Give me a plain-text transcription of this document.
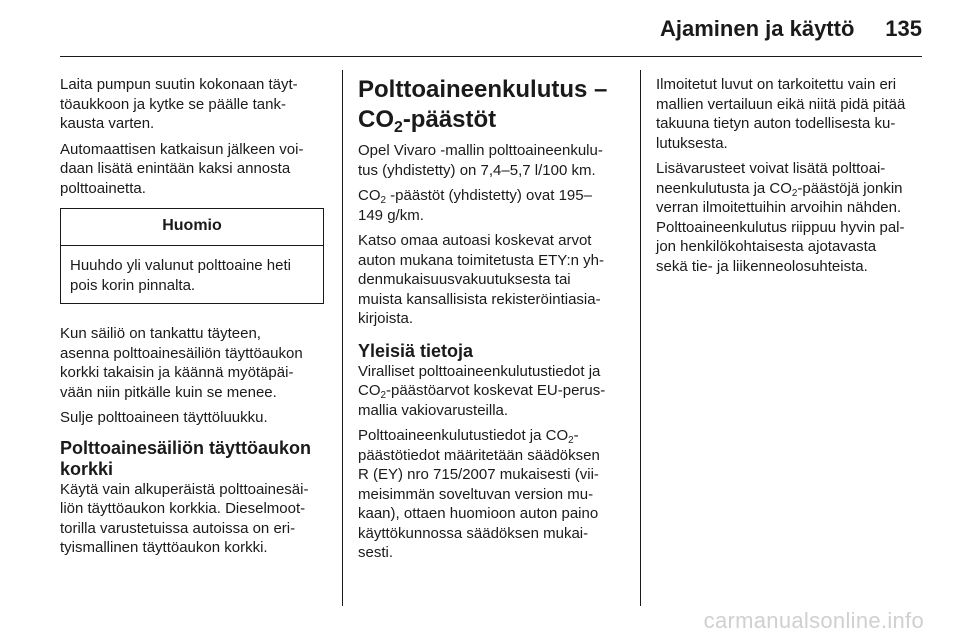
Ajaminen ja käyttö	135

Laita pumpun suutin kokonaan täyt-
töaukkoon ja kytke se päälle tank-
kausta varten.

Automaattisen katkaisun jälkeen voi-
daan lisätä enintään kaksi annosta
polttoainetta.

Huomio
Huuhdo yli valunut polttoaine heti
pois korin pinnalta.

Kun säiliö on tankattu täyteen,
asenna polttoainesäiliön täyttöaukon
korkki takaisin ja käännä myötäpäi-
vään niin pitkälle kuin se menee.

Sulje polttoaineen täyttöluukku.

Polttoainesäiliön täyttöaukon
korkki

Käytä vain alkuperäistä polttoainesäi-
liön täyttöaukon korkkia. Dieselmoot-
torilla varustetuissa autoissa on eri-
tyismallinen täyttöaukon korkki.

Polttoaineenkulutus –
$CO_2$-päästöt

Opel Vivaro -mallin polttoaineenkulu-
tus (yhdistetty) on 7,4–5,7 l/100 km.

$CO_2$ -päästöt (yhdistetty) ovat 195–
149 g/km.

Katso omaa autoasi koskevat arvot
auton mukana toimitetusta ETY:n yh-
denmukaisuusvakuutuksesta tai
muista kansallisista rekisteröintiasia-
kirjoista.

Yleisiä tietoja

Viralliset polttoaineenkulutustiedot ja
$CO_2$-päästöarvot koskevat EU-perus-
mallia vakiovarusteilla.

Polttoaineenkulutustiedot ja $CO_2-$
päästötiedot määritetään säädöksen
R (EY) nro 715/2007 mukaisesti (vii-
meisimmän soveltuvan version mu-
kaan), ottaen huomioon auton paino
käyttökunnossa säädöksen mukai-
sesti.

Ilmoitetut luvut on tarkoitettu vain eri
mallien vertailuun eikä niitä pidä pitää
takuuna tietyn auton todellisesta ku-
lutuksesta.

Lisävarusteet voivat lisätä polttoai-
neenkulutusta ja $CO_2$-päästöjä jonkin
verran ilmoitettuihin arvoihin nähden.
Polttoaineenkulutus riippuu hyvin pal-
jon henkilökohtaisesta ajotavasta
sekä tie- ja liikenneolosuhteista.

carmanualsonline.info
